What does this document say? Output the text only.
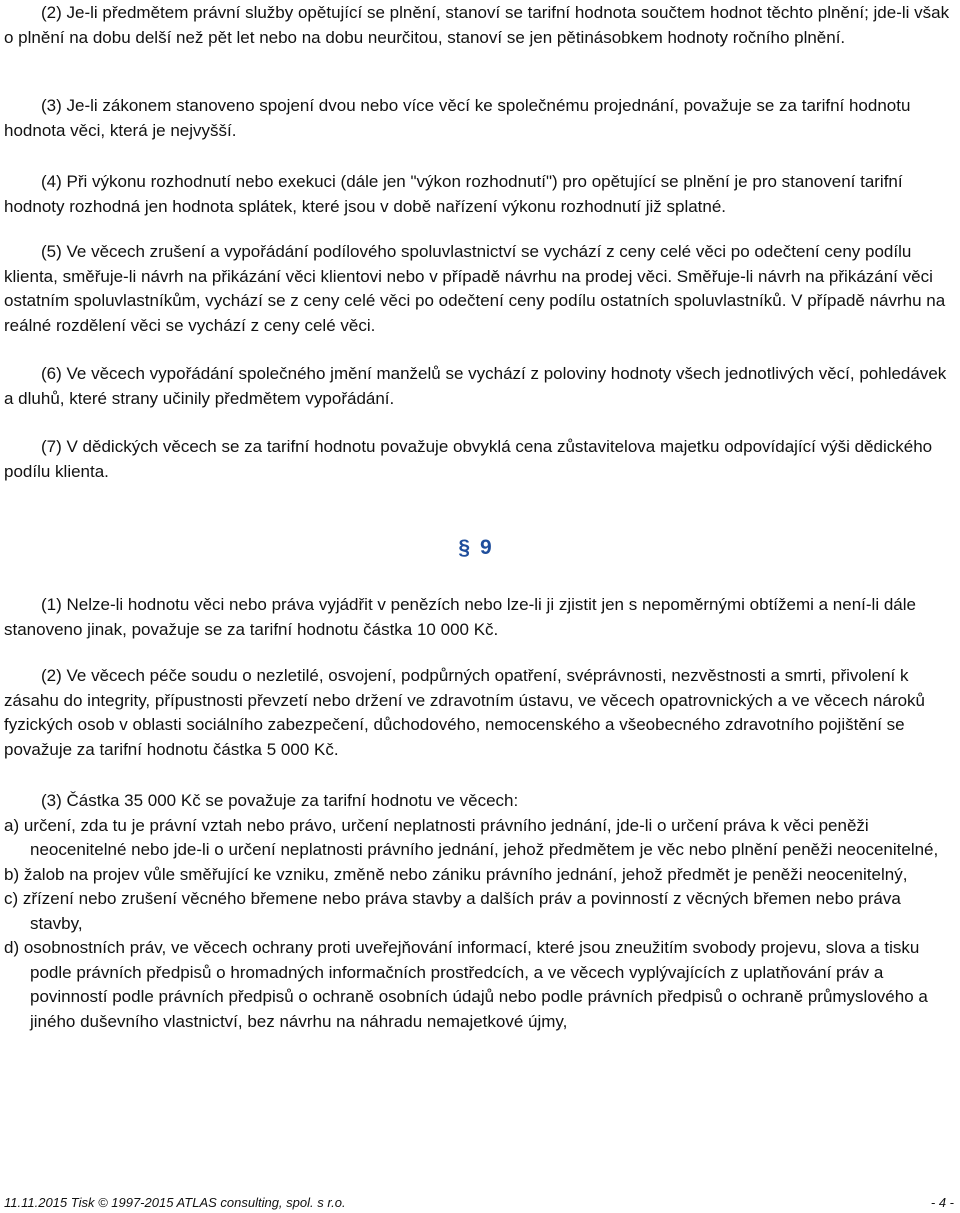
(2) Je-li předmětem právní služby opětující se plnění, stanoví se tarifní hodnota součtem hodnot těchto plnění; jde-li však o plnění na dobu delší než pět let nebo na dobu neurčitou, stanoví se jen pětinásobkem hodnoty ročního plnění.

(3) Je-li zákonem stanoveno spojení dvou nebo více věcí ke společnému projednání, považuje se za tarifní hodnotu hodnota věci, která je nejvyšší.

(4) Při výkonu rozhodnutí nebo exekuci (dále jen "výkon rozhodnutí") pro opětující se plnění je pro stanovení tarifní hodnoty rozhodná jen hodnota splátek, které jsou v době nařízení výkonu rozhodnutí již splatné.

(5) Ve věcech zrušení a vypořádání podílového spoluvlastnictví se vychází z ceny celé věci po odečtení ceny podílu klienta, směřuje-li návrh na přikázání věci klientovi nebo v případě návrhu na prodej věci. Směřuje-li návrh na přikázání věci ostatním spoluvlastníkům, vychází se z ceny celé věci po odečtení ceny podílu ostatních spoluvlastníků. V případě návrhu na reálné rozdělení věci se vychází z ceny celé věci.

(6) Ve věcech vypořádání společného jmění manželů se vychází z poloviny hodnoty všech jednotlivých věcí, pohledávek a dluhů, které strany učinily předmětem vypořádání.

(7) V dědických věcech se za tarifní hodnotu považuje obvyklá cena zůstavitelova majetku odpovídající výši dědického podílu klienta.

§ 9

(1) Nelze-li hodnotu věci nebo práva vyjádřit v penězích nebo lze-li ji zjistit jen s nepoměrnými obtížemi a není-li dále stanoveno jinak, považuje se za tarifní hodnotu částka 10 000 Kč.

(2) Ve věcech péče soudu o nezletilé, osvojení, podpůrných opatření, svéprávnosti, nezvěstnosti a smrti, přivolení k zásahu do integrity, přípustnosti převzetí nebo držení ve zdravotním ústavu, ve věcech opatrovnických a ve věcech nároků fyzických osob v oblasti sociálního zabezpečení, důchodového, nemocenského a všeobecného zdravotního pojištění se považuje za tarifní hodnotu částka 5 000 Kč.

(3) Částka 35 000 Kč se považuje za tarifní hodnotu ve věcech:

a) určení, zda tu je právní vztah nebo právo, určení neplatnosti právního jednání, jde-li o určení práva k věci peněži neocenitelné nebo jde-li o určení neplatnosti právního jednání, jehož předmětem je věc nebo plnění peněži neocenitelné,
b) žalob na projev vůle směřující ke vzniku, změně nebo zániku právního jednání, jehož předmět je peněži neocenitelný,
c) zřízení nebo zrušení věcného břemene nebo práva stavby a dalších práv a povinností z věcných břemen nebo práva stavby,
d) osobnostních práv, ve věcech ochrany proti uveřejňování informací, které jsou zneužitím svobody projevu, slova a tisku podle právních předpisů o hromadných informačních prostředcích, a ve věcech vyplývajících z uplatňování práv a povinností podle právních předpisů o ochraně osobních údajů nebo podle právních předpisů o ochraně průmyslového a jiného duševního vlastnictví, bez návrhu na náhradu nemajetkové újmy,
11.11.2015 Tisk © 1997-2015 ATLAS consulting, spol. s r.o.	- 4 -
